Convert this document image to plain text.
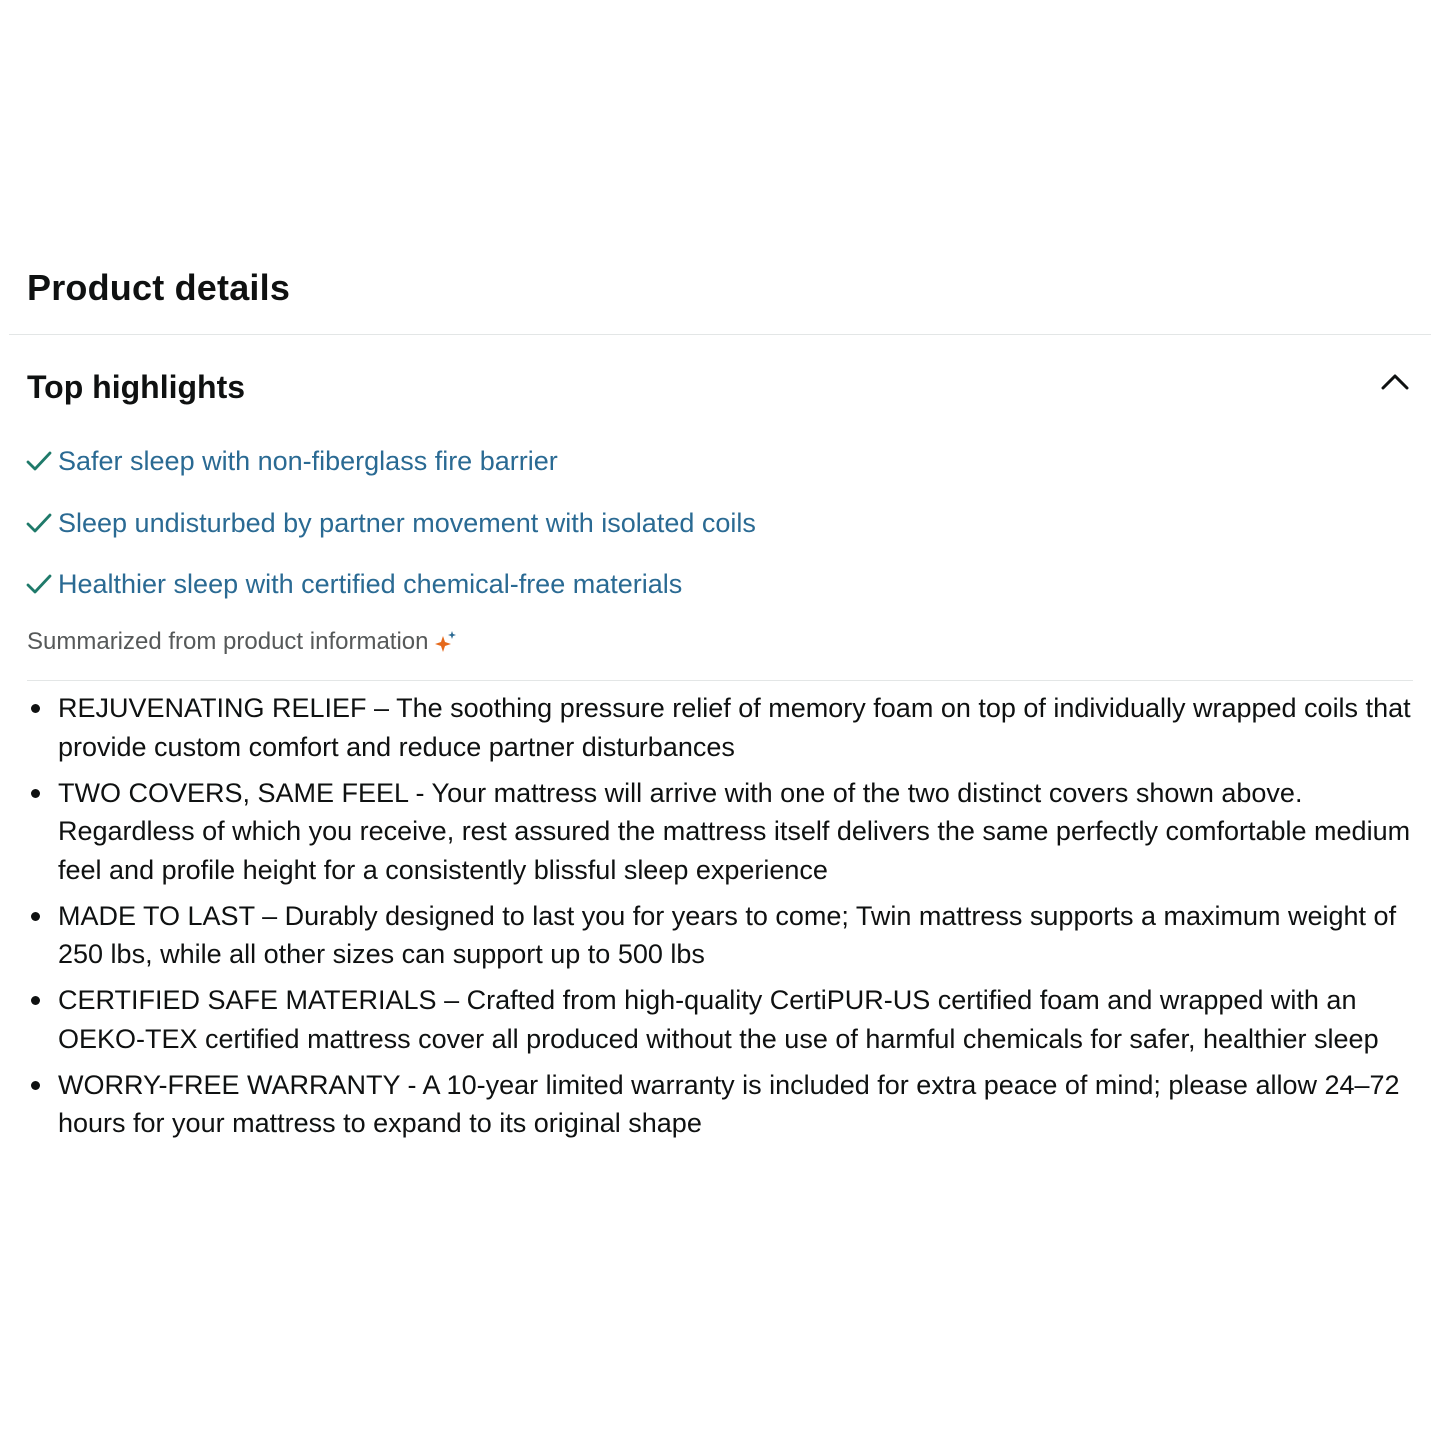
Product details
Top highlights
Safer sleep with non-fiberglass fire barrier
Sleep undisturbed by partner movement with isolated coils
Healthier sleep with certified chemical-free materials
Summarized from product information
REJUVENATING RELIEF – The soothing pressure relief of memory foam on top of individually wrapped coils that provide custom comfort and reduce partner disturbances
TWO COVERS, SAME FEEL - Your mattress will arrive with one of the two distinct covers shown above. Regardless of which you receive, rest assured the mattress itself delivers the same perfectly comfortable medium feel and profile height for a consistently blissful sleep experience
MADE TO LAST – Durably designed to last you for years to come; Twin mattress supports a maximum weight of 250 lbs, while all other sizes can support up to 500 lbs
CERTIFIED SAFE MATERIALS – Crafted from high-quality CertiPUR-US certified foam and wrapped with an OEKO-TEX certified mattress cover all produced without the use of harmful chemicals for safer, healthier sleep
WORRY-FREE WARRANTY - A 10-year limited warranty is included for extra peace of mind; please allow 24–72 hours for your mattress to expand to its original shape
